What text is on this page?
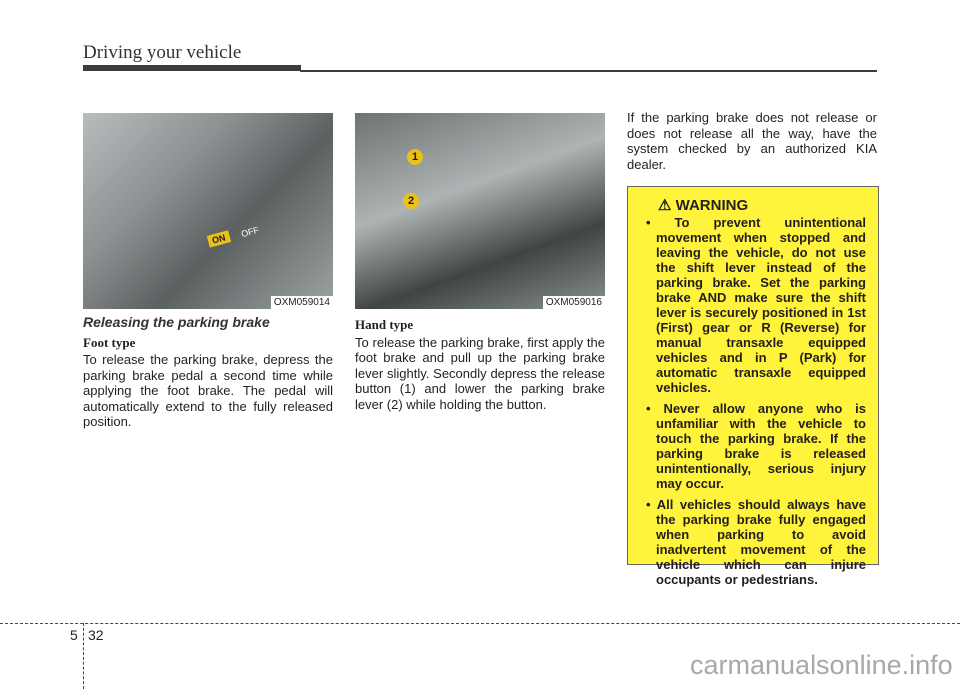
Driving your vehicle
ON	OFF
OXM059014
1
2
OXM059016
Releasing the parking brake
Foot type
To release the parking brake, depress the parking brake pedal a second time while applying the foot brake. The pedal will automatically extend to the fully released position.
Hand type
To release the parking brake, first apply the foot brake and pull up the parking brake lever slightly. Secondly depress the release button (1) and lower the parking brake lever (2) while holding the button.
If the parking brake does not release or does not release all the way, have the system checked by an authorized KIA dealer.
⚠ WARNING
• To prevent unintentional movement when stopped and leaving the vehicle, do not use the shift lever instead of the parking brake. Set the parking brake AND make sure the shift lever is securely positioned in 1st (First) gear or R (Reverse) for manual transaxle equipped vehicles and in P (Park) for automatic transaxle equipped vehicles.
• Never allow anyone who is unfamiliar with the vehicle to touch the parking brake. If the parking brake is released unintentionally, serious injury may occur.
• All vehicles should always have the parking brake fully engaged when parking to avoid inadvertent movement of the vehicle which can injure occupants or pedestrians.
5 32
carmanualsonline.info
